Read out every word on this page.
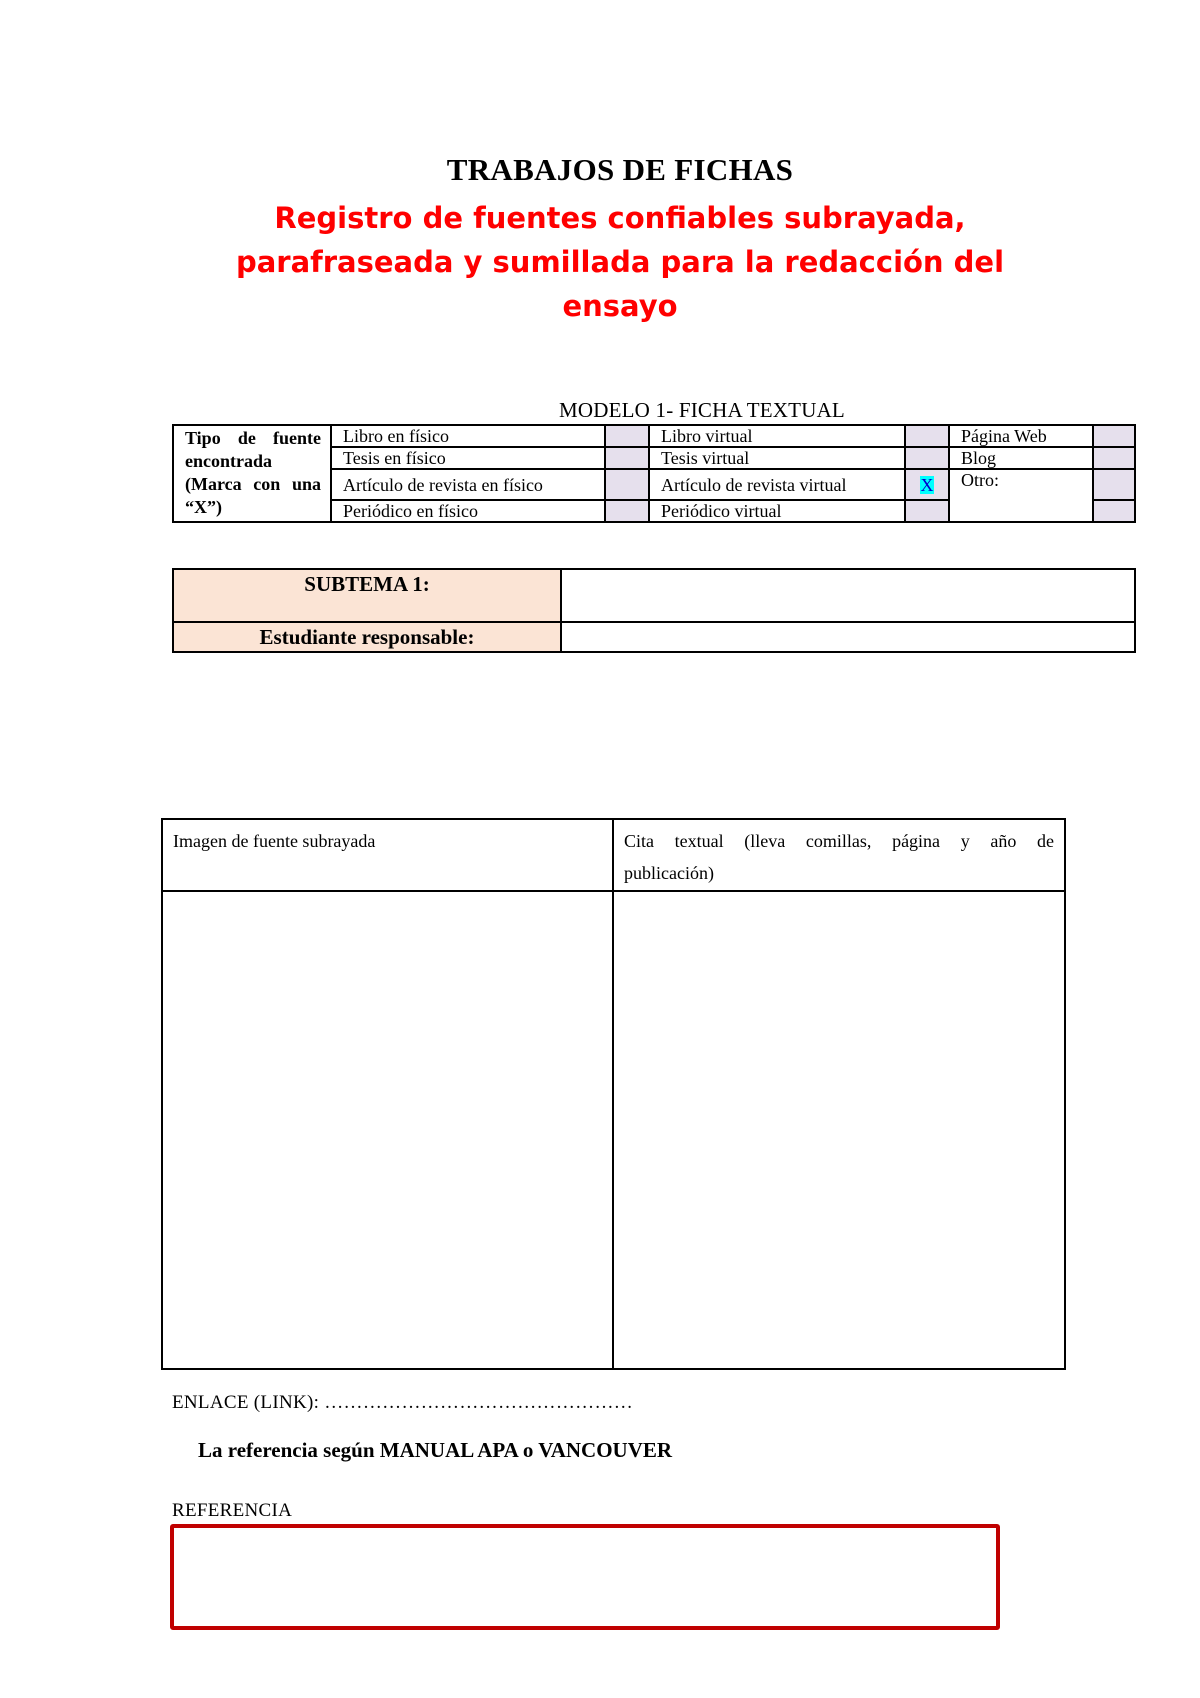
TRABAJOS DE FICHAS
Registro de fuentes confiables subrayada, parafraseada y sumillada para la redacción del ensayo
MODELO 1- FICHA TEXTUAL
Tipo de fuente encontrada (Marca con una “X”)	Libro en físico		Libro virtual		Página Web	
	Tesis en físico		Tesis virtual		Blog	
	Artículo de revista en físico		Artículo de revista virtual	X	Otro:	
	Periódico en físico		Periódico virtual			
SUBTEMA 1:	
Estudiante responsable:	
Imagen de fuente subrayada	Cita textual (lleva comillas, página y año de
publicación)

ENLACE (LINK): …………………………………………
La referencia según MANUAL APA o VANCOUVER
REFERENCIA
